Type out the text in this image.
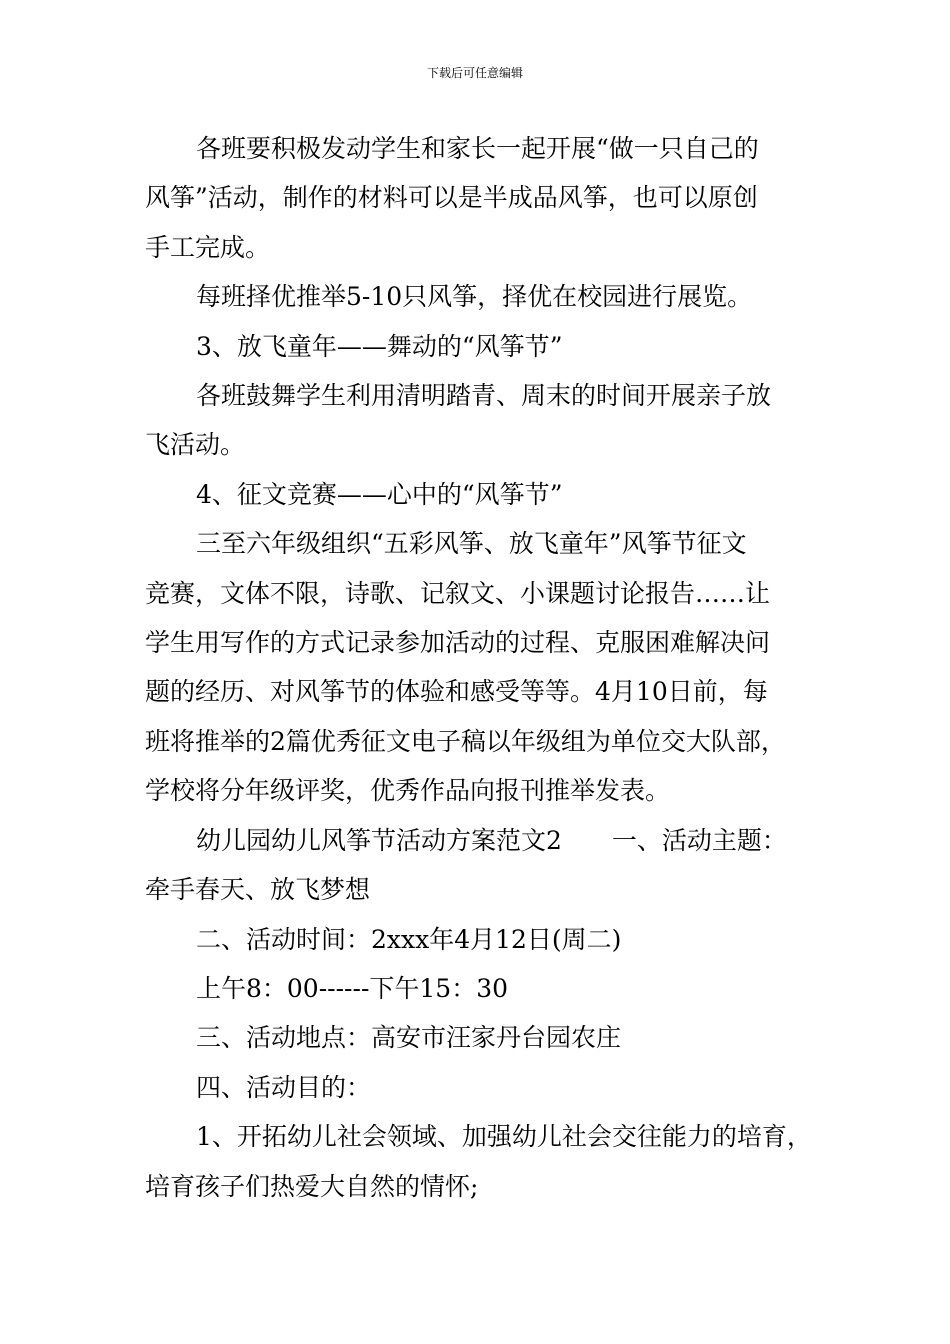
下载后可任意编辑

各班要积极发动学生和家长一起开展“做一只自己的

风筝”活动，制作的材料可以是半成品风筝，也可以原创

手工完成。

每班择优推举5-10只风筝，择优在校园进行展览。

3、放飞童年——舞动的“风筝节”

各班鼓舞学生利用清明踏青、周末的时间开展亲子放

飞活动。

4、征文竞赛——心中的“风筝节”

三至六年级组织“五彩风筝、放飞童年”风筝节征文

竞赛，文体不限，诗歌、记叙文、小课题讨论报告……让

学生用写作的方式记录参加活动的过程、克服困难解决问

题的经历、对风筝节的体验和感受等等。4月10日前，每

班将推举的2篇优秀征文电子稿以年级组为单位交大队部，

学校将分年级评奖，优秀作品向报刊推举发表。

幼儿园幼儿风筝节活动方案范文2　　一、活动主题：

牵手春天、放飞梦想

二、活动时间：2xxx年4月12日(周二)

上午8：00------下午15：30

三、活动地点：高安市汪家丹台园农庄

四、活动目的：

1、开拓幼儿社会领域、加强幼儿社会交往能力的培育，

培育孩子们热爱大自然的情怀;
